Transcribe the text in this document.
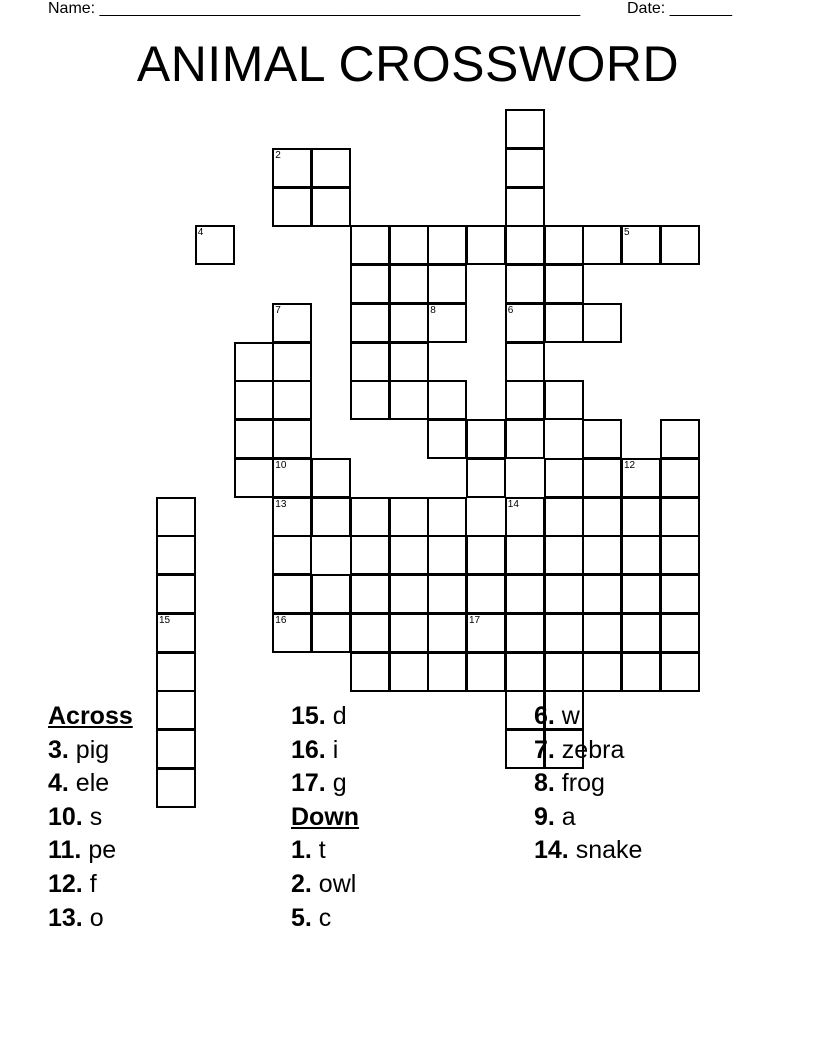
Name: ______________________________________________________	Date: _______
ANIMAL CROSSWORD
15
4
2
7
10
13
16
8
17
6
14
5
12
Across
3. pig
4. ele
10. s
11. pe
12. f
13. o
15. d
16. i
17. g
Down
1. t
2. owl
5. c
6. w
7. zebra
8. frog
9. a
14. snake
